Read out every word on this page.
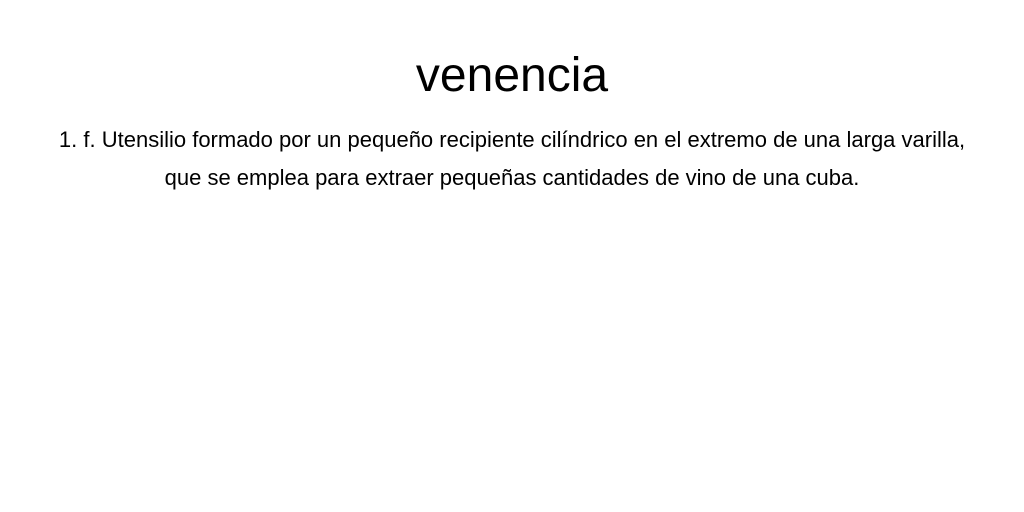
venencia

1. f. Utensilio formado por un pequeño recipiente cilíndrico en el extremo de una larga varilla, que se emplea para extraer pequeñas cantidades de vino de una cuba.
